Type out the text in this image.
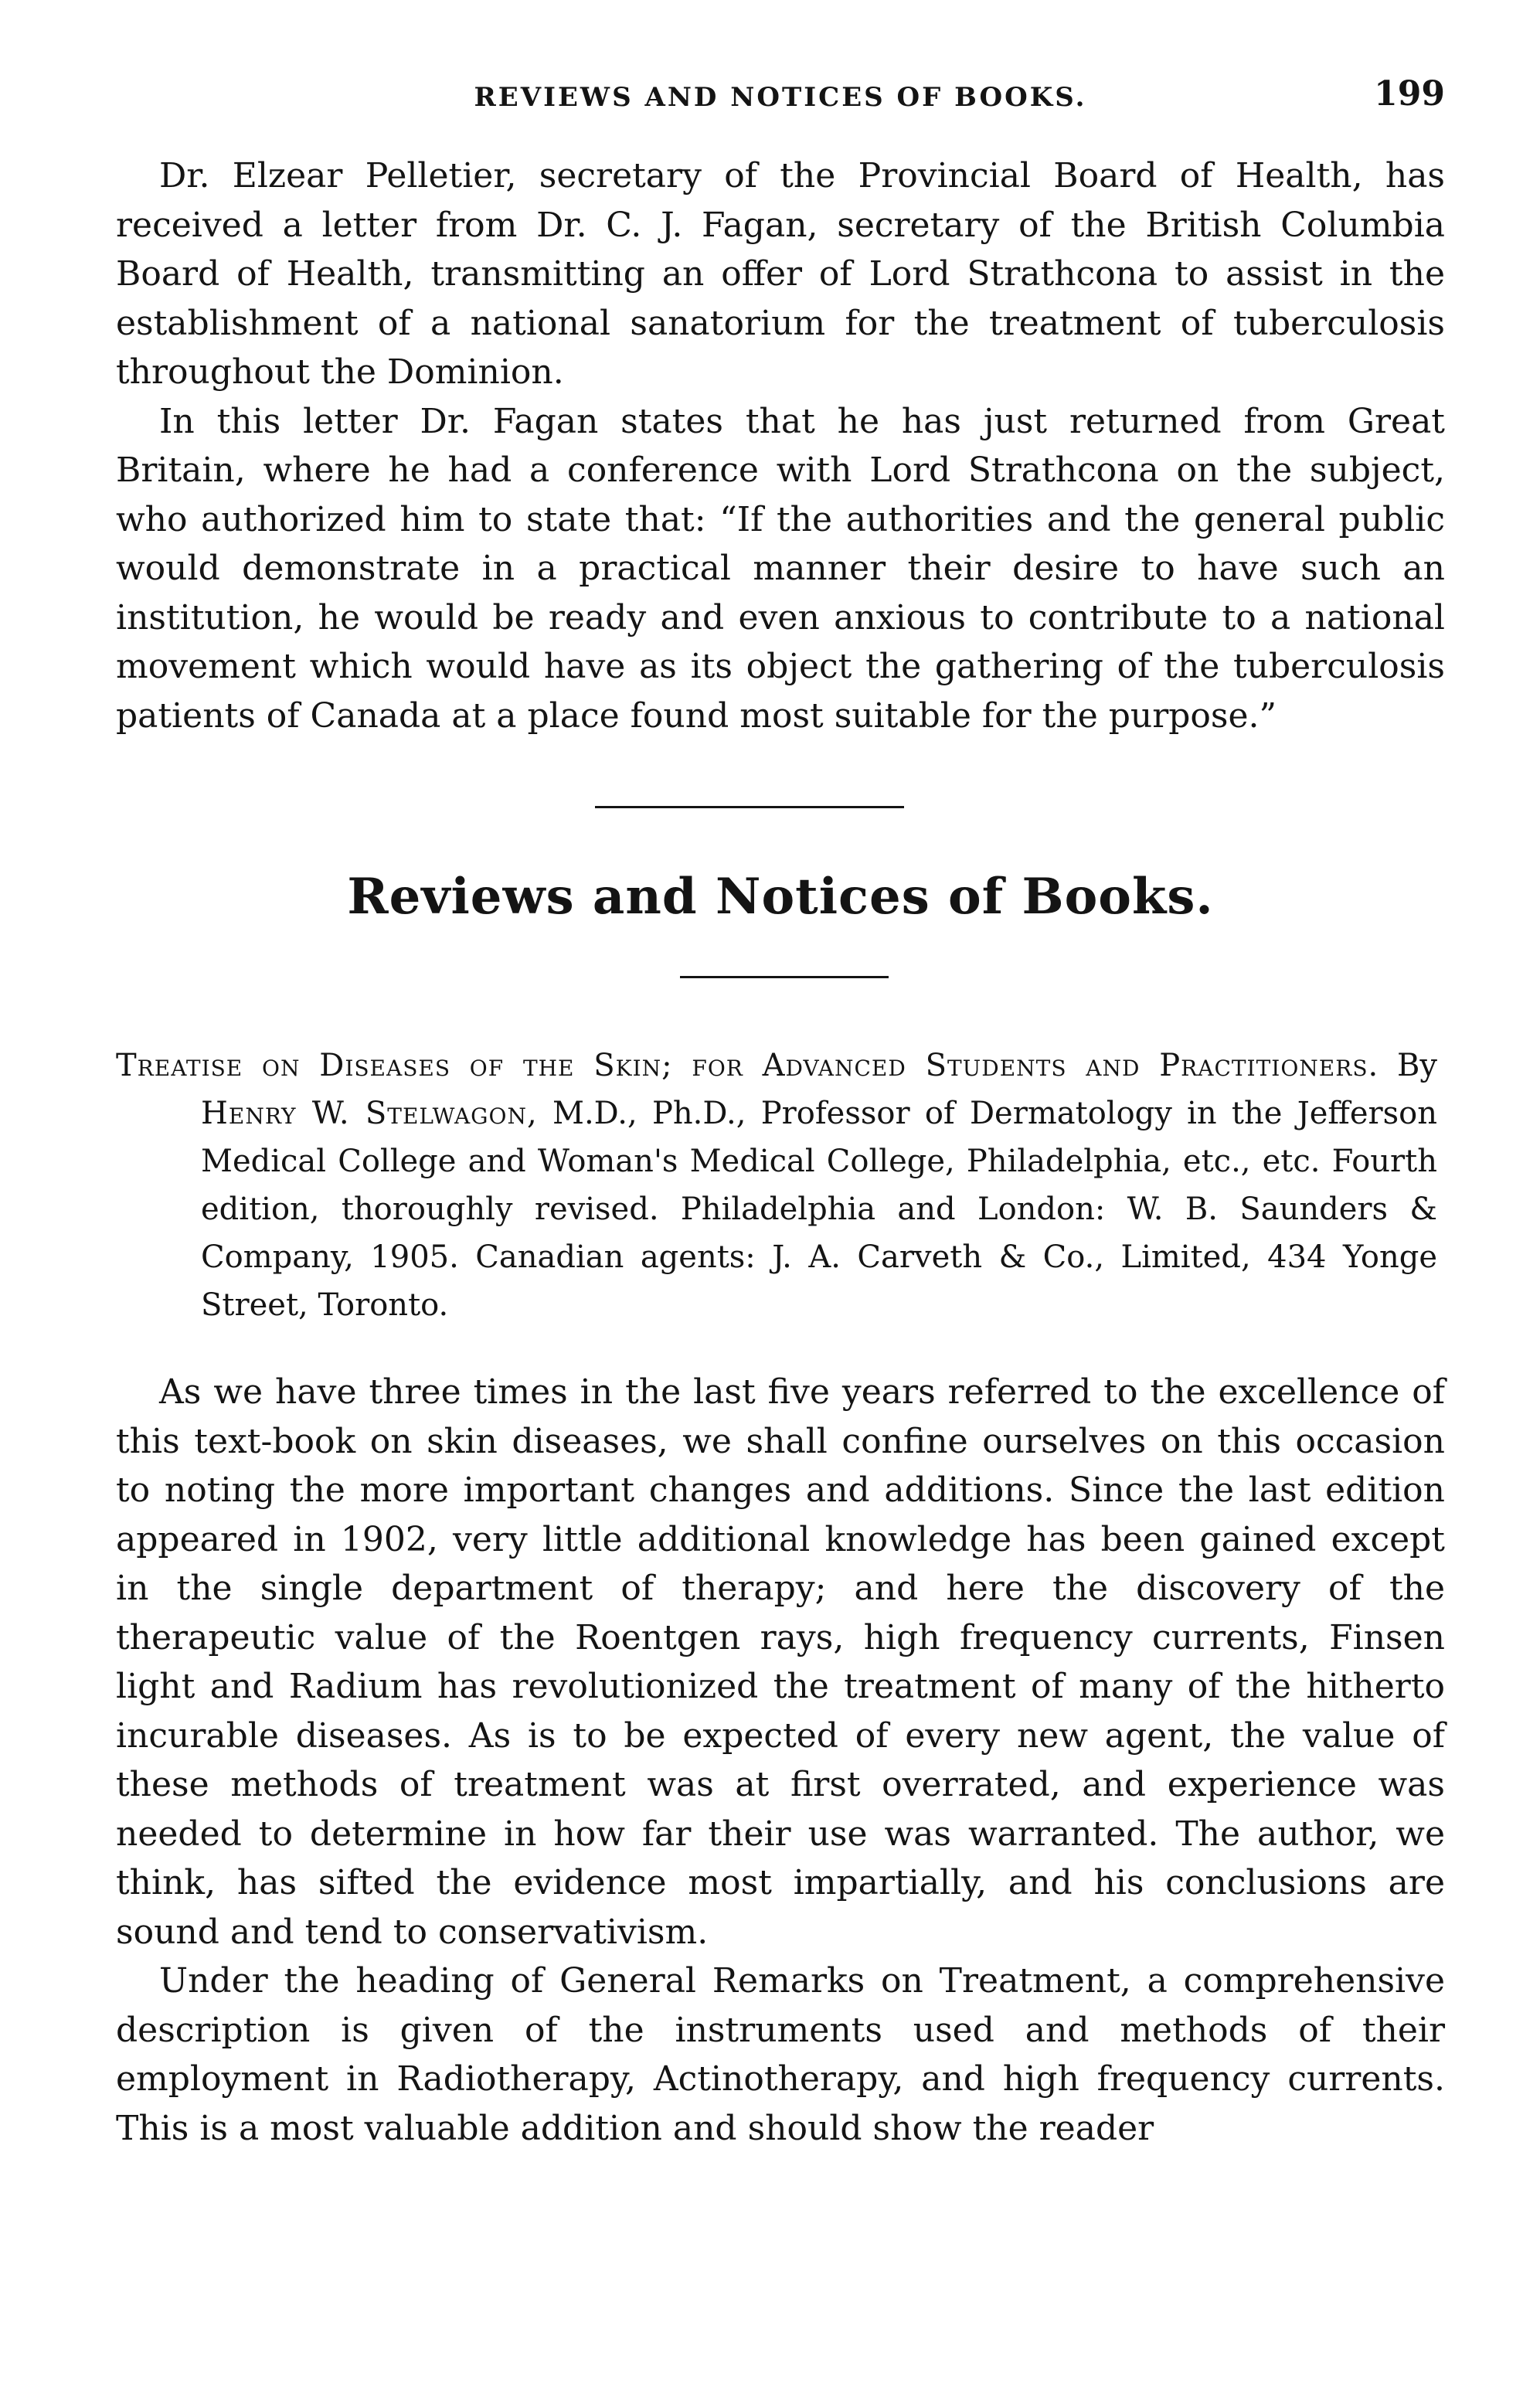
REVIEWS AND NOTICES OF BOOKS.	199

Dr. Elzear Pelletier, secretary of the Provincial Board of Health, has received a letter from Dr. C. J. Fagan, secretary of the British Columbia Board of Health, transmitting an offer of Lord Strathcona to assist in the establishment of a national sanatorium for the treatment of tuberculosis throughout the Dominion.

In this letter Dr. Fagan states that he has just returned from Great Britain, where he had a conference with Lord Strathcona on the subject, who authorized him to state that: “If the authorities and the general public would demonstrate in a practical manner their desire to have such an institution, he would be ready and even anxious to contribute to a national movement which would have as its object the gathering of the tuberculosis patients of Canada at a place found most suitable for the purpose.”

Reviews and Notices of Books.
Treatise on Diseases of the Skin; for Advanced Students and Practitioners. By Henry W. Stelwagon, M.D., Ph.D., Professor of Dermatology in the Jefferson Medical College and Woman's Medical College, Philadelphia, etc., etc. Fourth edition, thoroughly revised. Philadelphia and London: W. B. Saunders & Company, 1905. Canadian agents: J. A. Carveth & Co., Limited, 434 Yonge Street, Toronto.

As we have three times in the last five years referred to the excellence of this text-book on skin diseases, we shall confine ourselves on this occasion to noting the more important changes and additions. Since the last edition appeared in 1902, very little additional knowledge has been gained except in the single department of therapy; and here the discovery of the therapeutic value of the Roentgen rays, high frequency currents, Finsen light and Radium has revolutionized the treatment of many of the hitherto incurable diseases. As is to be expected of every new agent, the value of these methods of treatment was at first overrated, and experience was needed to determine in how far their use was warranted. The author, we think, has sifted the evidence most impartially, and his conclusions are sound and tend to conservativism.

Under the heading of General Remarks on Treatment, a comprehensive description is given of the instruments used and methods of their employment in Radiotherapy, Actinotherapy, and high frequency currents. This is a most valuable addition and should show the reader
